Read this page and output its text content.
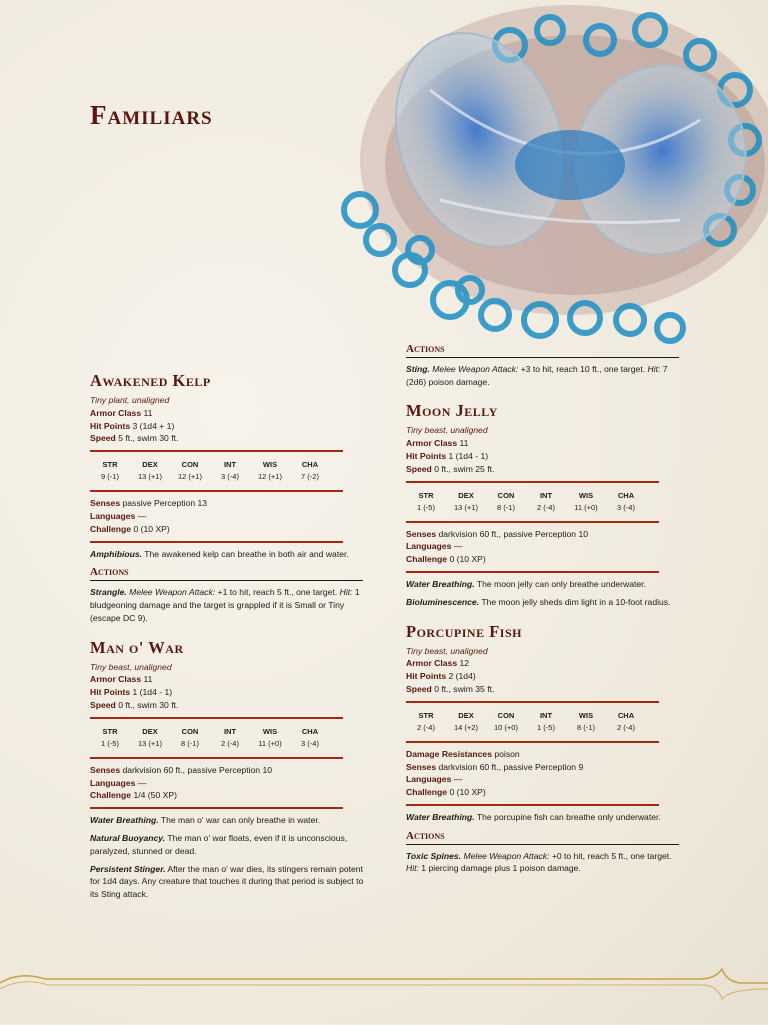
Familiars
Awakened Kelp
Tiny plant, unaligned
Armor Class 11
Hit Points 3 (1d4 + 1)
Speed 5 ft., swim 30 ft.
STR
9 (-1)
DEX
13 (+1)
CON
12 (+1)
INT
3 (-4)
WIS
12 (+1)
CHA
7 (-2)
Senses passive Perception 13
Languages —
Challenge 0 (10 XP)

Amphibious. The awakened kelp can breathe in both air and water.

Actions

Strangle. Melee Weapon Attack: +1 to hit, reach 5 ft., one target. Hit: 1 bludgeoning damage and the target is grappled if it is Small or Tiny (escape DC 9).

Man o' War
Tiny beast, unaligned
Armor Class 11
Hit Points 1 (1d4 - 1)
Speed 0 ft., swim 30 ft.
STR
1 (-5)
DEX
13 (+1)
CON
8 (-1)
INT
2 (-4)
WIS
11 (+0)
CHA
3 (-4)
Senses darkvision 60 ft., passive Perception 10
Languages —
Challenge 1/4 (50 XP)

Water Breathing. The man o' war can only breathe in water.

Natural Buoyancy. The man o' war floats, even if it is unconscious, paralyzed, stunned or dead.

Persistent Stinger. After the man o' war dies, its stingers remain potent for 1d4 days. Any creature that touches it during that period is subject to its Sting attack.

Actions

Sting. Melee Weapon Attack: +3 to hit, reach 10 ft., one target. Hit: 7 (2d6) poison damage.

Moon Jelly
Tiny beast, unaligned
Armor Class 11
Hit Points 1 (1d4 - 1)
Speed 0 ft., swim 25 ft.
STR
1 (-5)
DEX
13 (+1)
CON
8 (-1)
INT
2 (-4)
WIS
11 (+0)
CHA
3 (-4)
Senses darkvision 60 ft., passive Perception 10
Languages —
Challenge 0 (10 XP)

Water Breathing. The moon jelly can only breathe underwater.

Bioluminescence. The moon jelly sheds dim light in a 10-foot radius.

Porcupine Fish
Tiny beast, unaligned
Armor Class 12
Hit Points 2 (1d4)
Speed 0 ft., swim 35 ft.
STR
2 (-4)
DEX
14 (+2)
CON
10 (+0)
INT
1 (-5)
WIS
8 (-1)
CHA
2 (-4)
Damage Resistances poison
Senses darkvision 60 ft., passive Perception 9
Languages —
Challenge 0 (10 XP)

Water Breathing. The porcupine fish can breathe only underwater.

Actions

Toxic Spines. Melee Weapon Attack: +0 to hit, reach 5 ft., one target. Hit: 1 piercing damage plus 1 poison damage.
